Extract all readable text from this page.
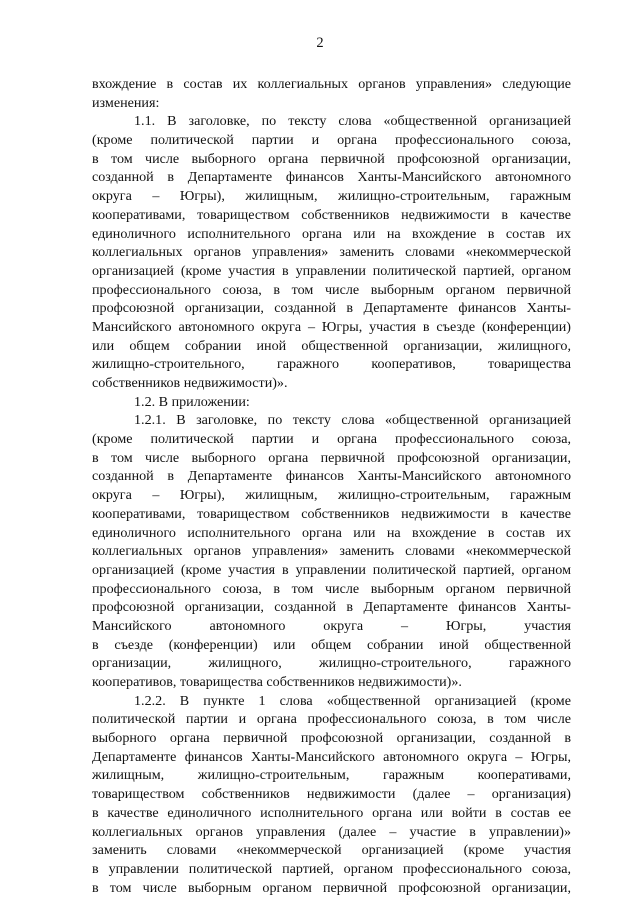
2
вхождение в состав их коллегиальных органов управления» следующие
изменения:
1.1. В заголовке, по тексту слова «общественной организацией
(кроме политической партии и органа профессионального союза,
в том числе выборного органа первичной профсоюзной организации,
созданной в Департаменте финансов Ханты-Мансийского автономного
округа – Югры), жилищным, жилищно-строительным, гаражным
кооперативами, товариществом собственников недвижимости в качестве
единоличного исполнительного органа или на вхождение в состав их
коллегиальных органов управления» заменить словами «некоммерческой
организацией (кроме участия в управлении политической партией, органом
профессионального союза, в том числе выборным органом первичной
профсоюзной организации, созданной в Департаменте финансов Ханты-
Мансийского автономного округа – Югры, участия в съезде (конференции)
или общем собрании иной общественной организации, жилищного,
жилищно-строительного, гаражного кооперативов, товарищества
собственников недвижимости)».
1.2. В приложении:
1.2.1. В заголовке, по тексту слова «общественной организацией
(кроме политической партии и органа профессионального союза,
в том числе выборного органа первичной профсоюзной организации,
созданной в Департаменте финансов Ханты-Мансийского автономного
округа – Югры), жилищным, жилищно-строительным, гаражным
кооперативами, товариществом собственников недвижимости в качестве
единоличного исполнительного органа или на вхождение в состав их
коллегиальных органов управления» заменить словами «некоммерческой
организацией (кроме участия в управлении политической партией, органом
профессионального союза, в том числе выборным органом первичной
профсоюзной организации, созданной в Департаменте финансов Ханты-
Мансийского автономного округа – Югры, участия
в съезде (конференции) или общем собрании иной общественной
организации, жилищного, жилищно-строительного, гаражного
кооперативов, товарищества собственников недвижимости)».
1.2.2. В пункте 1 слова «общественной организацией (кроме
политической партии и органа профессионального союза, в том числе
выборного органа первичной профсоюзной организации, созданной в
Департаменте финансов Ханты-Мансийского автономного округа – Югры,
жилищным, жилищно-строительным, гаражным кооперативами,
товариществом собственников недвижимости (далее – организация)
в качестве единоличного исполнительного органа или войти в состав ее
коллегиальных органов управления (далее – участие в управлении)»
заменить словами «некоммерческой организацией (кроме участия
в управлении политической партией, органом профессионального союза,
в том числе выборным органом первичной профсоюзной организации,
